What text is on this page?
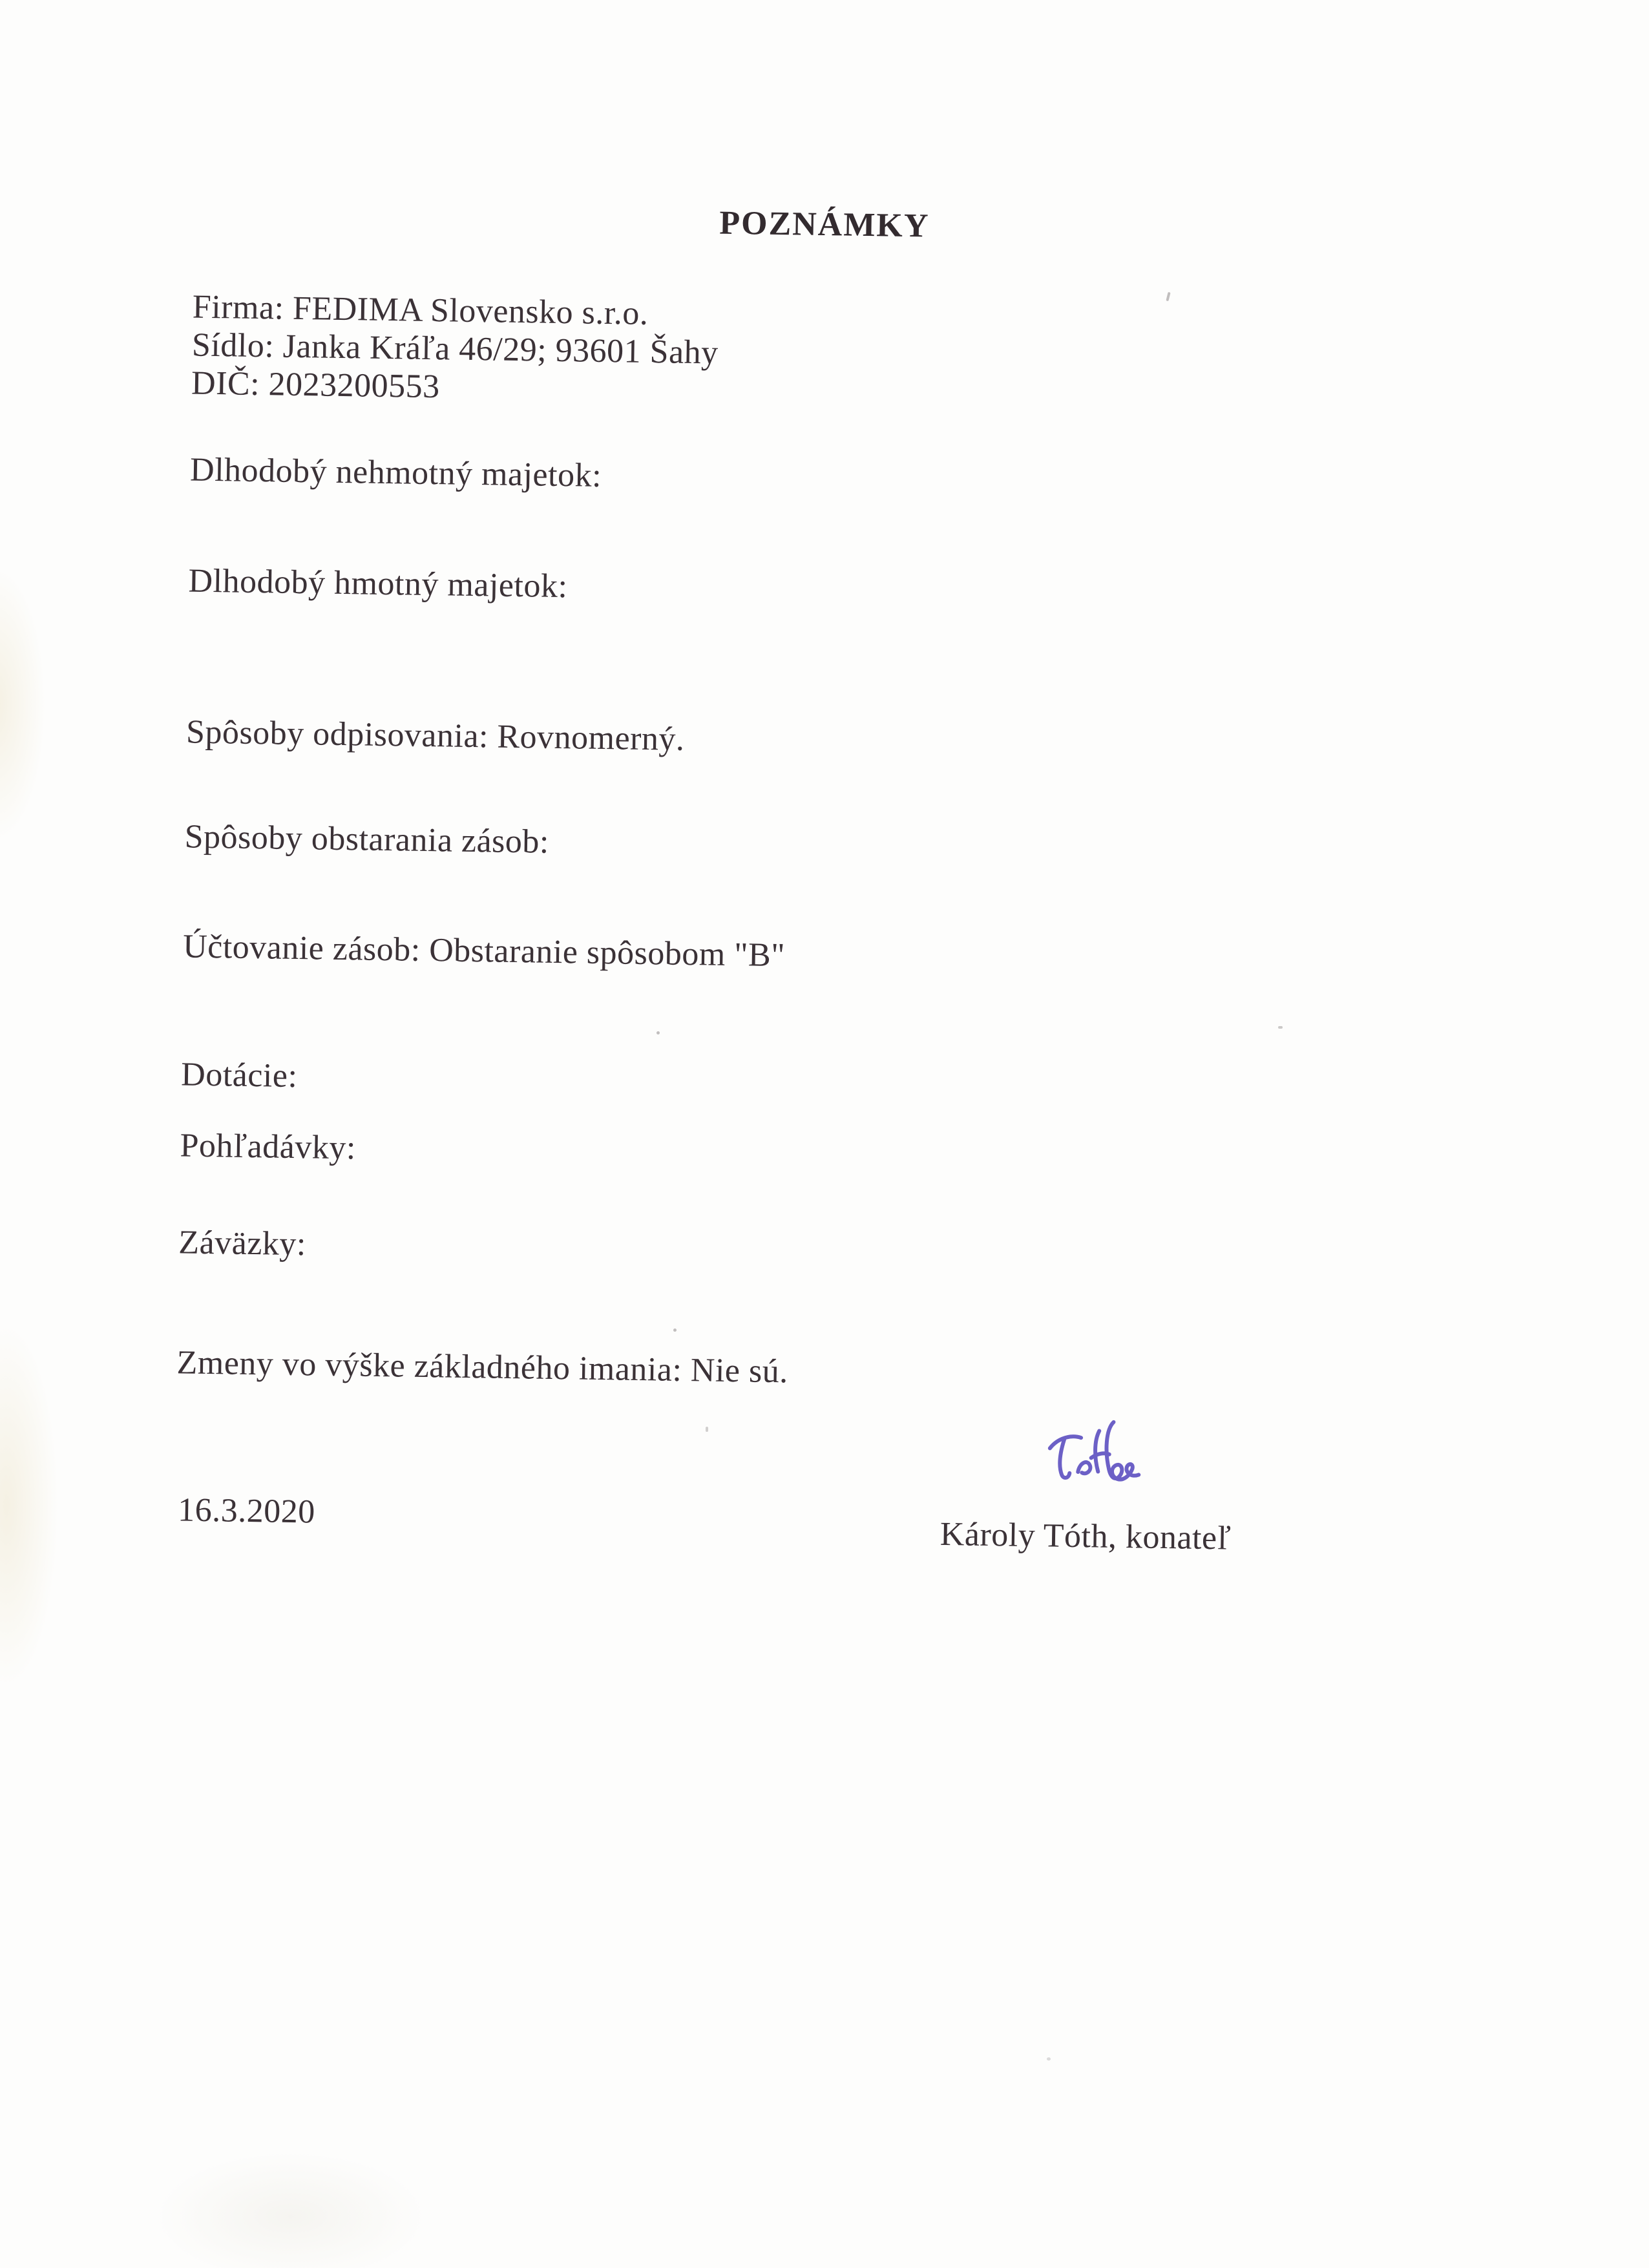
POZNÁMKY
Firma: FEDIMA Slovensko s.r.o.
Sídlo: Janka Kráľa 46/29; 93601 Šahy
DIČ: 2023200553
Dlhodobý nehmotný majetok:
Dlhodobý hmotný majetok:
Spôsoby odpisovania: Rovnomerný.
Spôsoby obstarania zásob:
Účtovanie zásob: Obstaranie spôsobom "B"
Dotácie:
Pohľadávky:
Záväzky:
Zmeny vo výške základného imania: Nie sú.
16.3.2020
Károly Tóth, konateľ
